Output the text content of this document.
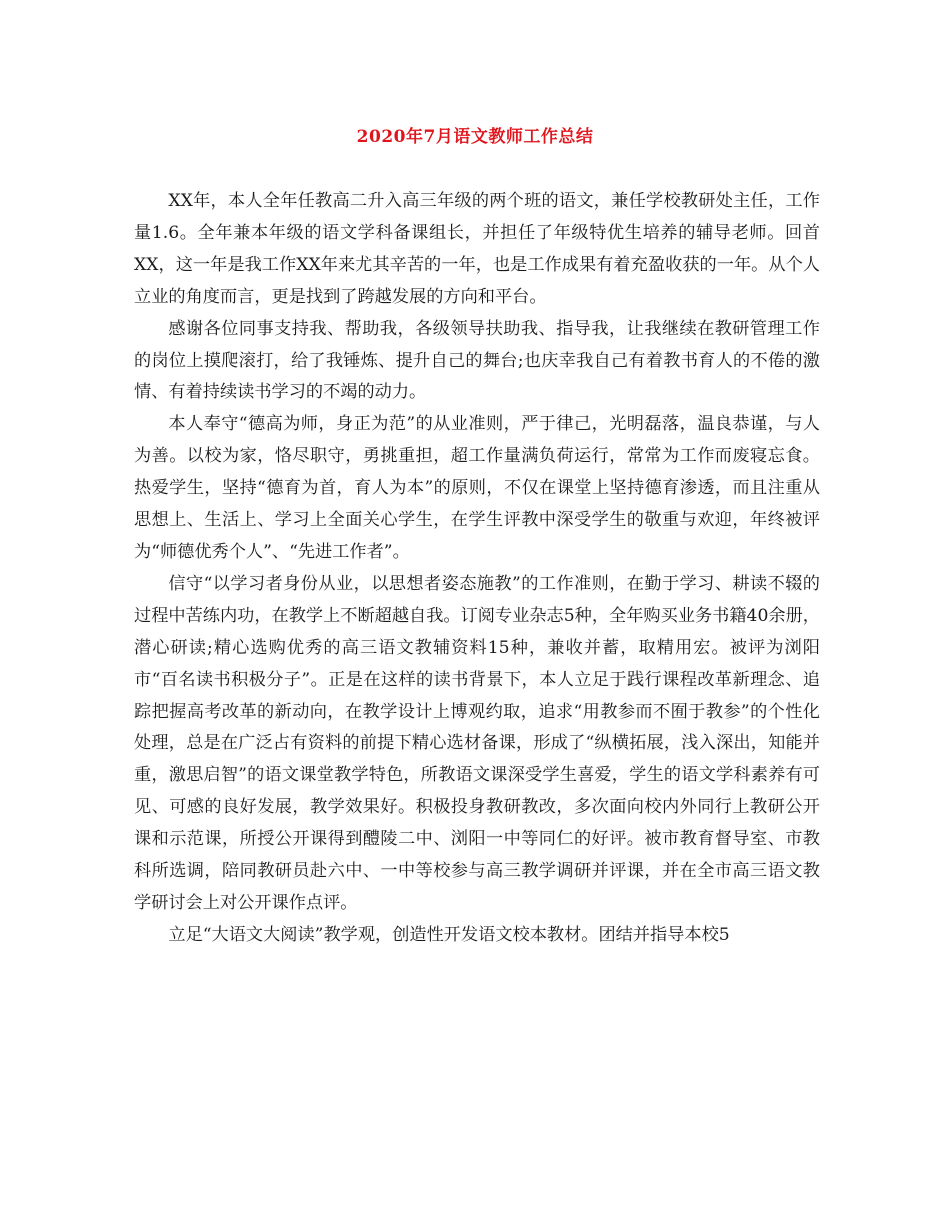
2020年7月语文教师工作总结

XX年，本人全年任教高二升入高三年级的两个班的语文，兼任学校教研处主任，工作量1.6。全年兼本年级的语文学科备课组长，并担任了年级特优生培养的辅导老师。回首XX，这一年是我工作XX年来尤其辛苦的一年，也是工作成果有着充盈收获的一年。从个人立业的角度而言，更是找到了跨越发展的方向和平台。

感谢各位同事支持我、帮助我，各级领导扶助我、指导我，让我继续在教研管理工作的岗位上摸爬滚打，给了我锤炼、提升自己的舞台;也庆幸我自己有着教书育人的不倦的激情、有着持续读书学习的不竭的动力。

本人奉守“德高为师，身正为范”的从业准则，严于律己，光明磊落，温良恭谨，与人为善。以校为家，恪尽职守，勇挑重担，超工作量满负荷运行，常常为工作而废寝忘食。热爱学生，坚持“德育为首，育人为本”的原则，不仅在课堂上坚持德育渗透，而且注重从思想上、生活上、学习上全面关心学生，在学生评教中深受学生的敬重与欢迎，年终被评为“师德优秀个人”、“先进工作者”。

信守“以学习者身份从业，以思想者姿态施教”的工作准则，在勤于学习、耕读不辍的过程中苦练内功，在教学上不断超越自我。订阅专业杂志5种，全年购买业务书籍40余册，潜心研读;精心选购优秀的高三语文教辅资料15种，兼收并蓄，取精用宏。被评为浏阳市“百名读书积极分子”。正是在这样的读书背景下，本人立足于践行课程改革新理念、追踪把握高考改革的新动向，在教学设计上博观约取，追求“用教参而不囿于教参”的个性化处理，总是在广泛占有资料的前提下精心选材备课，形成了“纵横拓展，浅入深出，知能并重，激思启智”的语文课堂教学特色，所教语文课深受学生喜爱，学生的语文学科素养有可见、可感的良好发展，教学效果好。积极投身教研教改，多次面向校内外同行上教研公开课和示范课，所授公开课得到醴陵二中、浏阳一中等同仁的好评。被市教育督导室、市教科所选调，陪同教研员赴六中、一中等校参与高三教学调研并评课，并在全市高三语文教学研讨会上对公开课作点评。

立足“大语文大阅读”教学观，创造性开发语文校本教材。团结并指导本校5
